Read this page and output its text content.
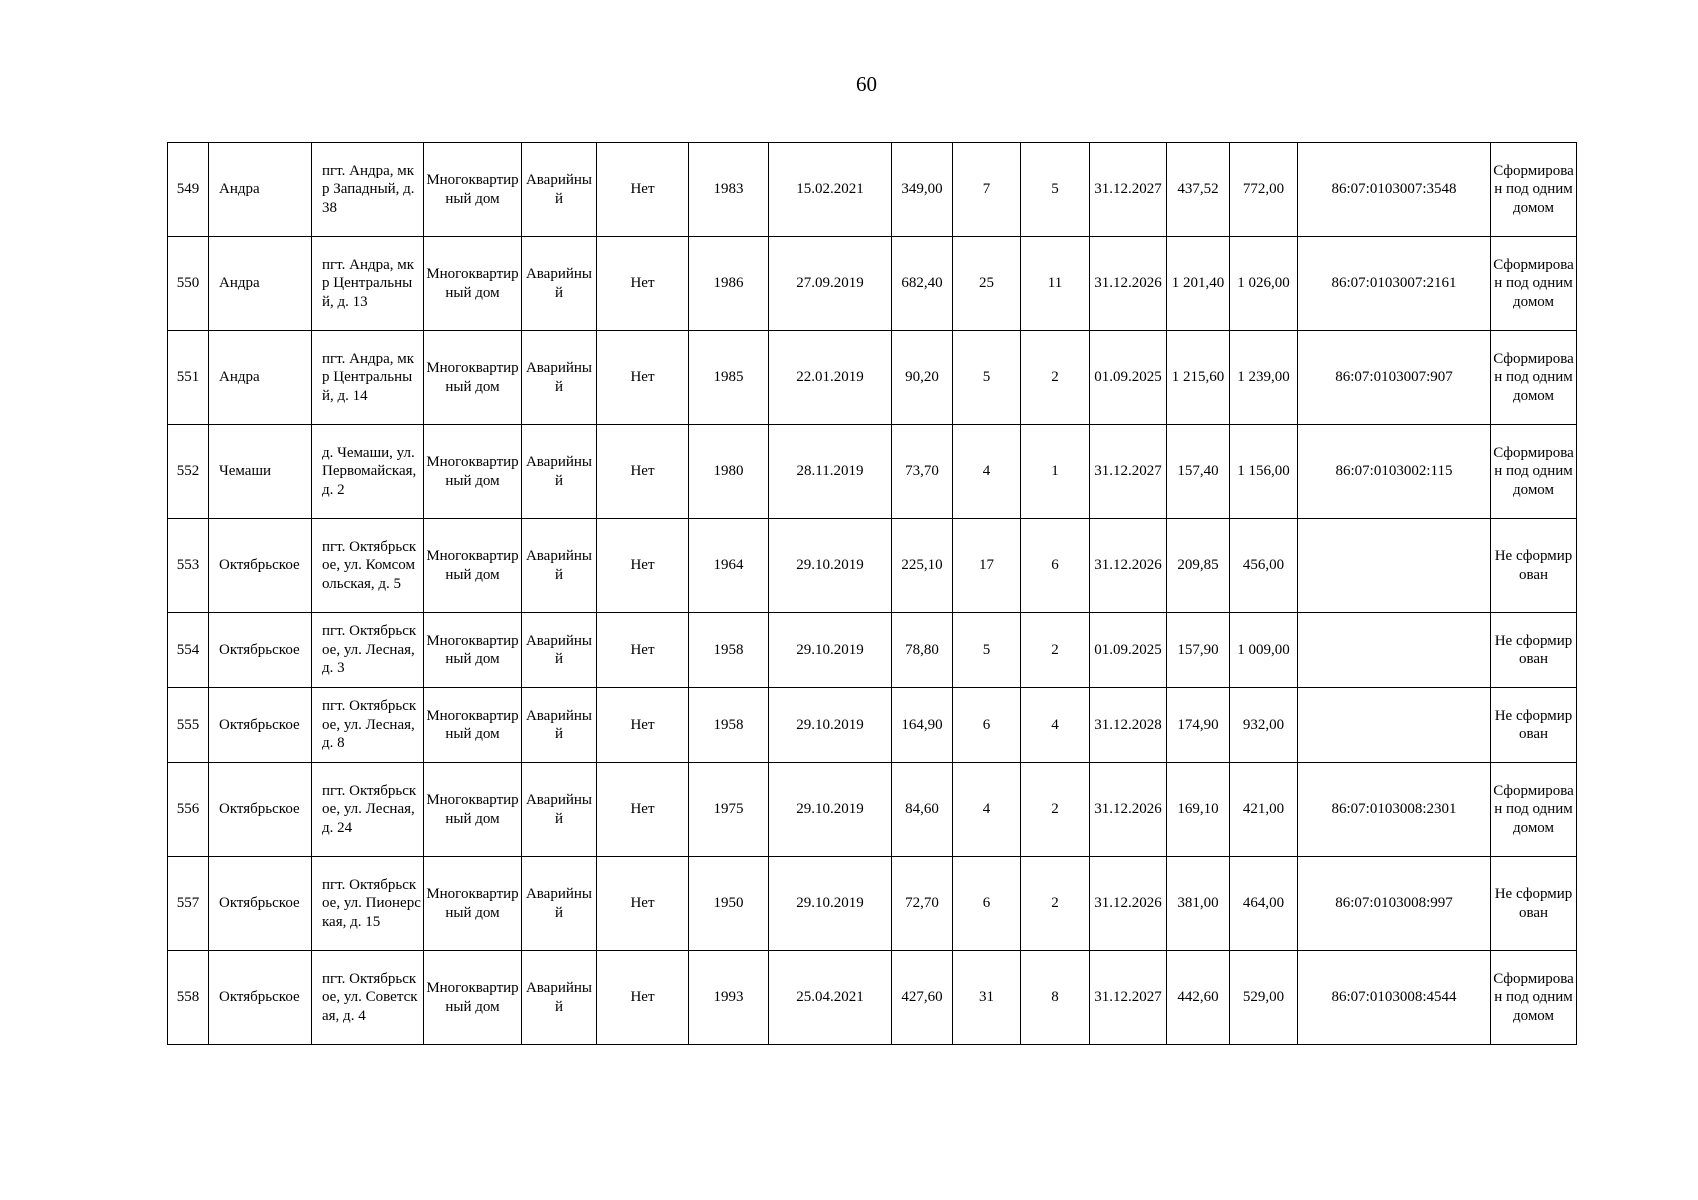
60
549	Андра	пгт. Андра, мкр Западный, д. 38	Многоквартирный дом	Аварийный	Нет	1983	15.02.2021	349,00	7	5	31.12.2027	437,52	772,00	86:07:0103007:3548	Сформирован под одним домом
550	Андра	пгт. Андра, мкр Центральный, д. 13	Многоквартирный дом	Аварийный	Нет	1986	27.09.2019	682,40	25	11	31.12.2026	1 201,40	1 026,00	86:07:0103007:2161	Сформирован под одним домом
551	Андра	пгт. Андра, мкр Центральный, д. 14	Многоквартирный дом	Аварийный	Нет	1985	22.01.2019	90,20	5	2	01.09.2025	1 215,60	1 239,00	86:07:0103007:907	Сформирован под одним домом
552	Чемаши	д. Чемаши, ул. Первомайская, д. 2	Многоквартирный дом	Аварийный	Нет	1980	28.11.2019	73,70	4	1	31.12.2027	157,40	1 156,00	86:07:0103002:115	Сформирован под одним домом
553	Октябрьское	пгт. Октябрьское, ул. Комсомольская, д. 5	Многоквартирный дом	Аварийный	Нет	1964	29.10.2019	225,10	17	6	31.12.2026	209,85	456,00		Не сформирован
554	Октябрьское	пгт. Октябрьское, ул. Лесная, д. 3	Многоквартирный дом	Аварийный	Нет	1958	29.10.2019	78,80	5	2	01.09.2025	157,90	1 009,00		Не сформирован
555	Октябрьское	пгт. Октябрьское, ул. Лесная, д. 8	Многоквартирный дом	Аварийный	Нет	1958	29.10.2019	164,90	6	4	31.12.2028	174,90	932,00		Не сформирован
556	Октябрьское	пгт. Октябрьское, ул. Лесная, д. 24	Многоквартирный дом	Аварийный	Нет	1975	29.10.2019	84,60	4	2	31.12.2026	169,10	421,00	86:07:0103008:2301	Сформирован под одним домом
557	Октябрьское	пгт. Октябрьское, ул. Пионерская, д. 15	Многоквартирный дом	Аварийный	Нет	1950	29.10.2019	72,70	6	2	31.12.2026	381,00	464,00	86:07:0103008:997	Не сформирован
558	Октябрьское	пгт. Октябрьское, ул. Советская, д. 4	Многоквартирный дом	Аварийный	Нет	1993	25.04.2021	427,60	31	8	31.12.2027	442,60	529,00	86:07:0103008:4544	Сформирован под одним домом
